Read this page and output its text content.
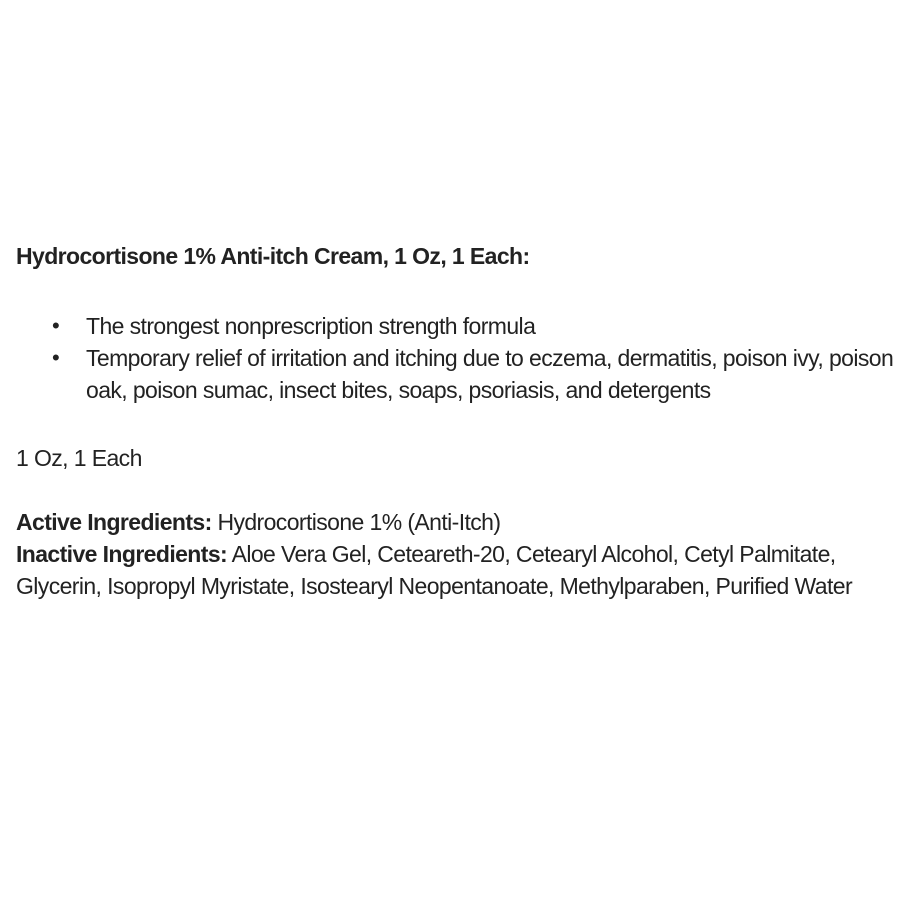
Hydrocortisone 1% Anti-itch Cream, 1 Oz, 1 Each:

• The strongest nonprescription strength formula
• Temporary relief of irritation and itching due to eczema, dermatitis, poison ivy, poison oak, poison sumac, insect bites, soaps, psoriasis, and detergents

1 Oz, 1 Each

Active Ingredients: Hydrocortisone 1% (Anti-Itch)

Inactive Ingredients: Aloe Vera Gel, Ceteareth-20, Cetearyl Alcohol, Cetyl Palmitate, Glycerin, Isopropyl Myristate, Isostearyl Neopentanoate, Methylparaben, Purified Water
